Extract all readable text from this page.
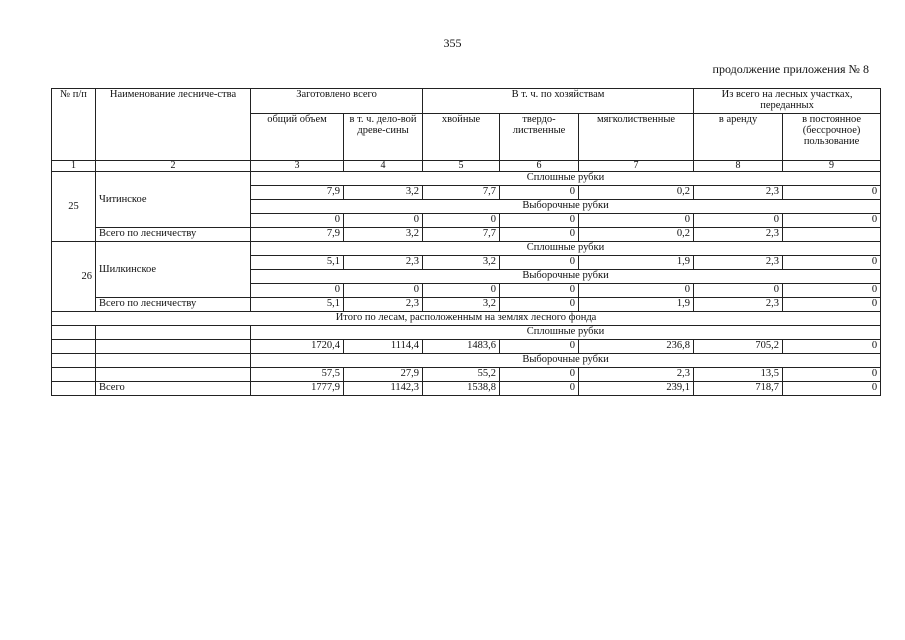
355
продолжение приложения № 8
№ п/п	Наименование лесниче-ства	Заготовлено всего		В т. ч. по хозяйствам			Из всего на лесных участках, переданных	
		общий объем	в т. ч. дело-вой древе-сины	хвойные	твердо-лиственные	мягколиственные	в аренду	в постоянное (бессрочное) пользование
1	2	3	4	5	6	7	8	9
25	Читинское	Сплошные рубки						
		7,9	3,2	7,7	0	0,2	2,3	0
		Выборочные рубки						
		0	0	0	0	0	0	0
	Всего по лесничеству	7,9	3,2	7,7	0	0,2	2,3	
26	Шилкинское	Сплошные рубки						
		5,1	2,3	3,2	0	1,9	2,3	0
		Выборочные рубки						
		0	0	0	0	0	0	0
	Всего по лесничеству	5,1	2,3	3,2	0	1,9	2,3	0
Итого по лесам, расположенным на землях лесного фонда								
		Сплошные рубки						
		1720,4	1114,4	1483,6	0	236,8	705,2	0
		Выборочные рубки						
		57,5	27,9	55,2	0	2,3	13,5	0
	Всего	1777,9	1142,3	1538,8	0	239,1	718,7	0
